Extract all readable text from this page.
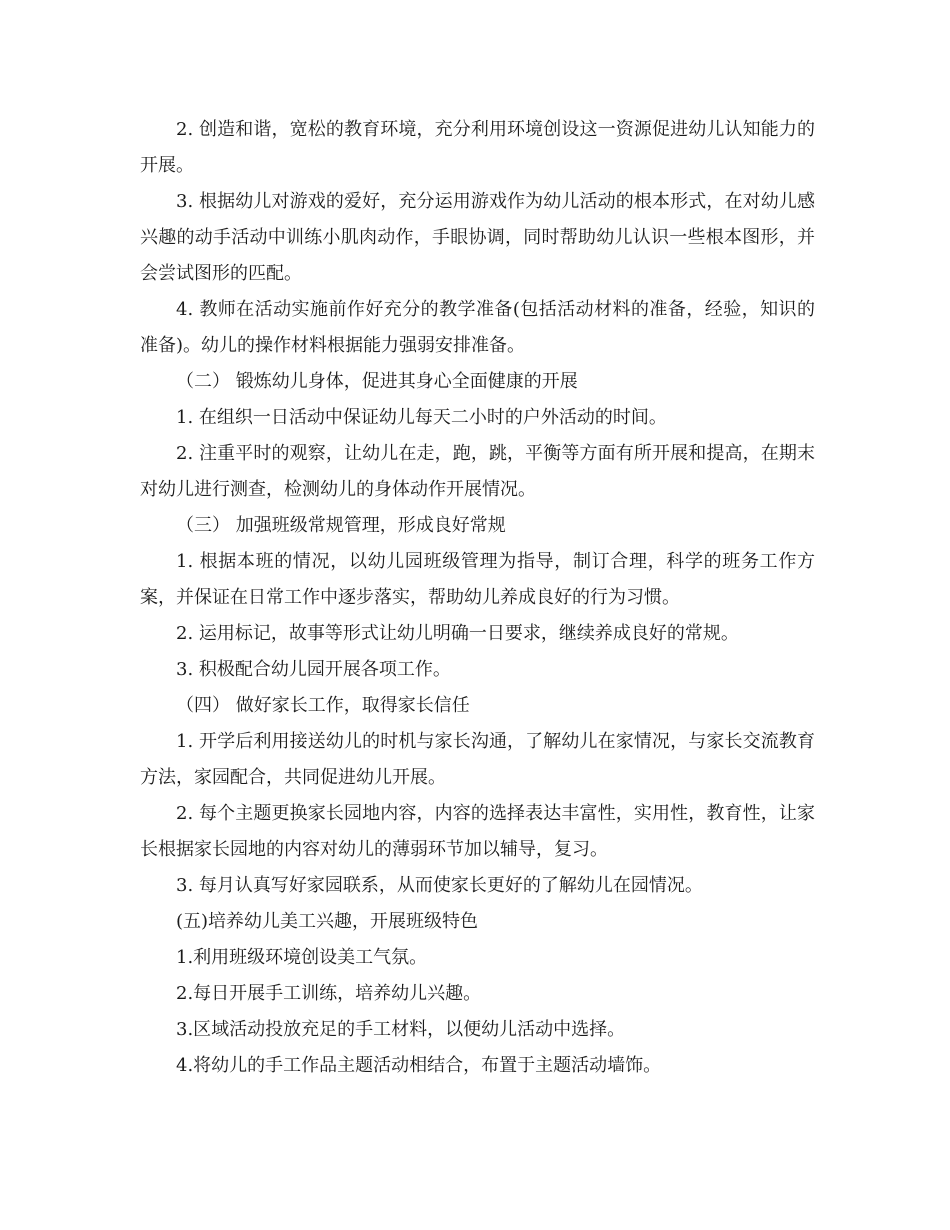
2. 创造和谐，宽松的教育环境，充分利用环境创设这一资源促进幼儿认知能力的开展。

3. 根据幼儿对游戏的爱好，充分运用游戏作为幼儿活动的根本形式，在对幼儿感兴趣的动手活动中训练小肌肉动作，手眼协调，同时帮助幼儿认识一些根本图形，并会尝试图形的匹配。

4. 教师在活动实施前作好充分的教学准备(包括活动材料的准备，经验，知识的准备)。幼儿的操作材料根据能力强弱安排准备。

（二） 锻炼幼儿身体，促进其身心全面健康的开展

1. 在组织一日活动中保证幼儿每天二小时的户外活动的时间。

2. 注重平时的观察，让幼儿在走，跑，跳，平衡等方面有所开展和提高，在期末对幼儿进行测查，检测幼儿的身体动作开展情况。

（三） 加强班级常规管理，形成良好常规

1. 根据本班的情况，以幼儿园班级管理为指导，制订合理，科学的班务工作方案，并保证在日常工作中逐步落实，帮助幼儿养成良好的行为习惯。

2. 运用标记，故事等形式让幼儿明确一日要求，继续养成良好的常规。

3. 积极配合幼儿园开展各项工作。

（四） 做好家长工作，取得家长信任

1. 开学后利用接送幼儿的时机与家长沟通，了解幼儿在家情况，与家长交流教育方法，家园配合，共同促进幼儿开展。

2. 每个主题更换家长园地内容，内容的选择表达丰富性，实用性，教育性，让家长根据家长园地的内容对幼儿的薄弱环节加以辅导，复习。

3. 每月认真写好家园联系，从而使家长更好的了解幼儿在园情况。

(五)培养幼儿美工兴趣，开展班级特色

1.利用班级环境创设美工气氛。

2.每日开展手工训练，培养幼儿兴趣。

3.区域活动投放充足的手工材料，以便幼儿活动中选择。

4.将幼儿的手工作品主题活动相结合，布置于主题活动墙饰。
